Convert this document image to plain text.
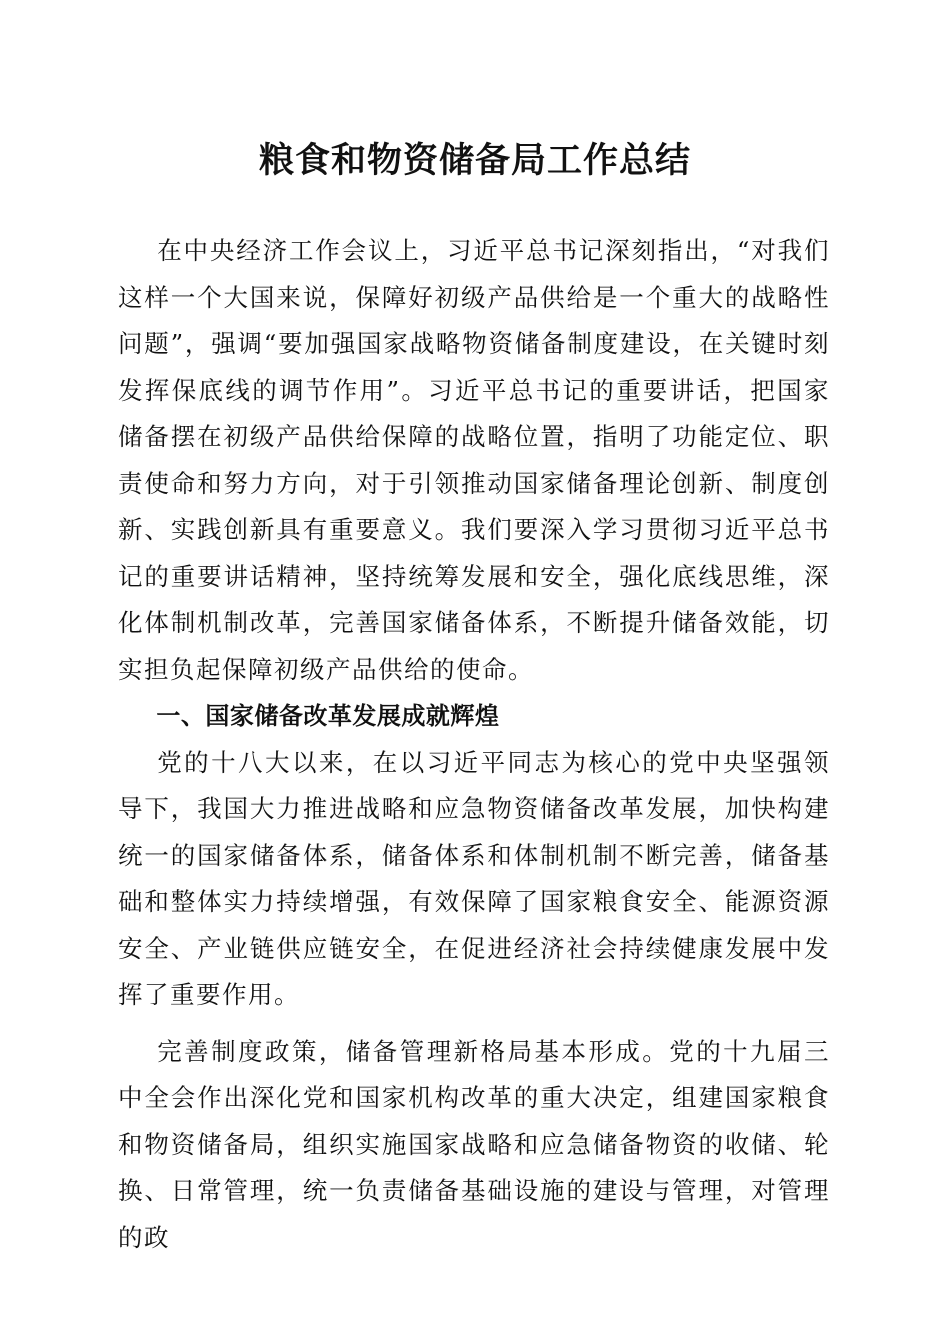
粮食和物资储备局工作总结

在中央经济工作会议上，习近平总书记深刻指出，“对我们这样一个大国来说，保障好初级产品供给是一个重大的战略性问题”，强调“要加强国家战略物资储备制度建设，在关键时刻发挥保底线的调节作用”。习近平总书记的重要讲话，把国家储备摆在初级产品供给保障的战略位置，指明了功能定位、职责使命和努力方向，对于引领推动国家储备理论创新、制度创新、实践创新具有重要意义。我们要深入学习贯彻习近平总书记的重要讲话精神，坚持统筹发展和安全，强化底线思维，深化体制机制改革，完善国家储备体系，不断提升储备效能，切实担负起保障初级产品供给的使命。

一、国家储备改革发展成就辉煌

党的十八大以来，在以习近平同志为核心的党中央坚强领导下，我国大力推进战略和应急物资储备改革发展，加快构建统一的国家储备体系，储备体系和体制机制不断完善，储备基础和整体实力持续增强，有效保障了国家粮食安全、能源资源安全、产业链供应链安全，在促进经济社会持续健康发展中发挥了重要作用。

完善制度政策，储备管理新格局基本形成。党的十九届三中全会作出深化党和国家机构改革的重大决定，组建国家粮食和物资储备局，组织实施国家战略和应急储备物资的收储、轮换、日常管理，统一负责储备基础设施的建设与管理，对管理的政
